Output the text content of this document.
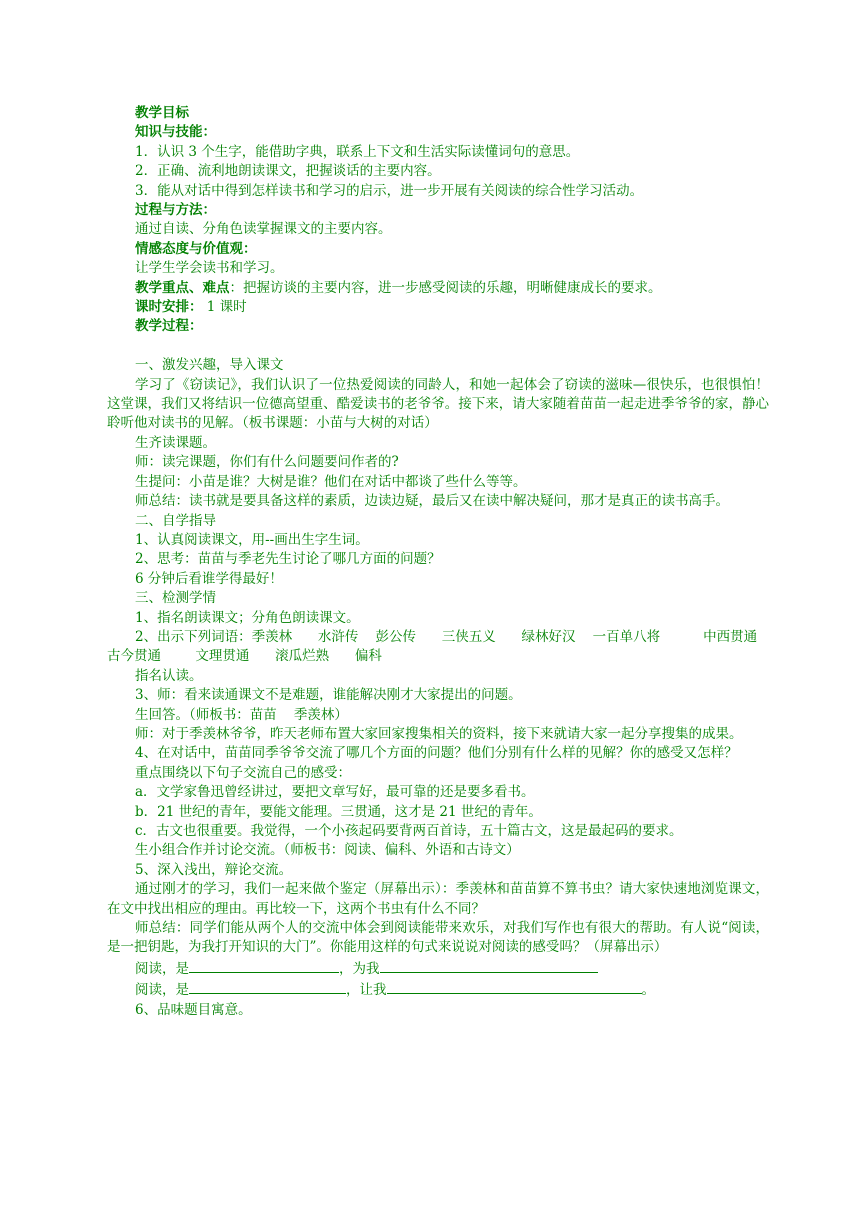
教学目标

知识与技能：

1．认识 3 个生字，能借助字典，联系上下文和生活实际读懂词句的意思。

2．正确、流利地朗读课文，把握谈话的主要内容。

3．能从对话中得到怎样读书和学习的启示，进一步开展有关阅读的综合性学习活动。

过程与方法：

通过自读、分角色读掌握课文的主要内容。

情感态度与价值观：

让学生学会读书和学习。

教学重点、难点：把握访谈的主要内容，进一步感受阅读的乐趣，明晰健康成长的要求。

课时安排： 1 课时

教学过程：

一、激发兴趣，导入课文

学习了《窃读记》，我们认识了一位热爱阅读的同龄人，和她一起体会了窃读的滋味—很快乐，也很惧怕！这堂课，我们又将结识一位德高望重、酷爱读书的老爷爷。接下来，请大家随着苗苗一起走进季爷爷的家，静心聆听他对读书的见解。（板书课题：小苗与大树的对话）

生齐读课题。

师：读完课题，你们有什么问题要问作者的?

生提问：小苗是谁？大树是谁？他们在对话中都谈了些什么等等。

师总结：读书就是要具备这样的素质，边读边疑，最后又在读中解决疑问，那才是真正的读书高手。

二、自学指导

1、认真阅读课文，用--画出生字生词。

2、思考：苗苗与季老先生讨论了哪几方面的问题？

6 分钟后看谁学得最好！

三、检测学情

1、指名朗读课文；分角色朗读课文。

2、出示下列词语：季羡林      水浒传    彭公传      三侠五义      绿林好汉    一百单八将          中西贯通    古今贯通        文理贯通      滚瓜烂熟      偏科

指名认读。

3、师：看来读通课文不是难题，谁能解决刚才大家提出的问题。

生回答。（师板书：苗苗    季羡林）

师：对于季羡林爷爷，昨天老师布置大家回家搜集相关的资料，接下来就请大家一起分享搜集的成果。

4、在对话中，苗苗同季爷爷交流了哪几个方面的问题？他们分别有什么样的见解？你的感受又怎样？

重点围绕以下句子交流自己的感受：

a．文学家鲁迅曾经讲过，要把文章写好，最可靠的还是要多看书。

b．21 世纪的青年，要能文能理。三贯通，这才是 21 世纪的青年。

c．古文也很重要。我觉得，一个小孩起码要背两百首诗，五十篇古文，这是最起码的要求。

生小组合作并讨论交流。（师板书：阅读、偏科、外语和古诗文）

5、深入浅出，辩论交流。

通过刚才的学习，我们一起来做个鉴定（屏幕出示）：季羡林和苗苗算不算书虫？请大家快速地浏览课文，在文中找出相应的理由。再比较一下，这两个书虫有什么不同？

师总结：同学们能从两个人的交流中体会到阅读能带来欢乐，对我们写作也有很大的帮助。有人说“阅读，是一把钥匙，为我打开知识的大门”。你能用这样的句式来说说对阅读的感受吗？（屏幕出示）

阅读，是	，为我

阅读，是	，让我	。

6、品味题目寓意。
